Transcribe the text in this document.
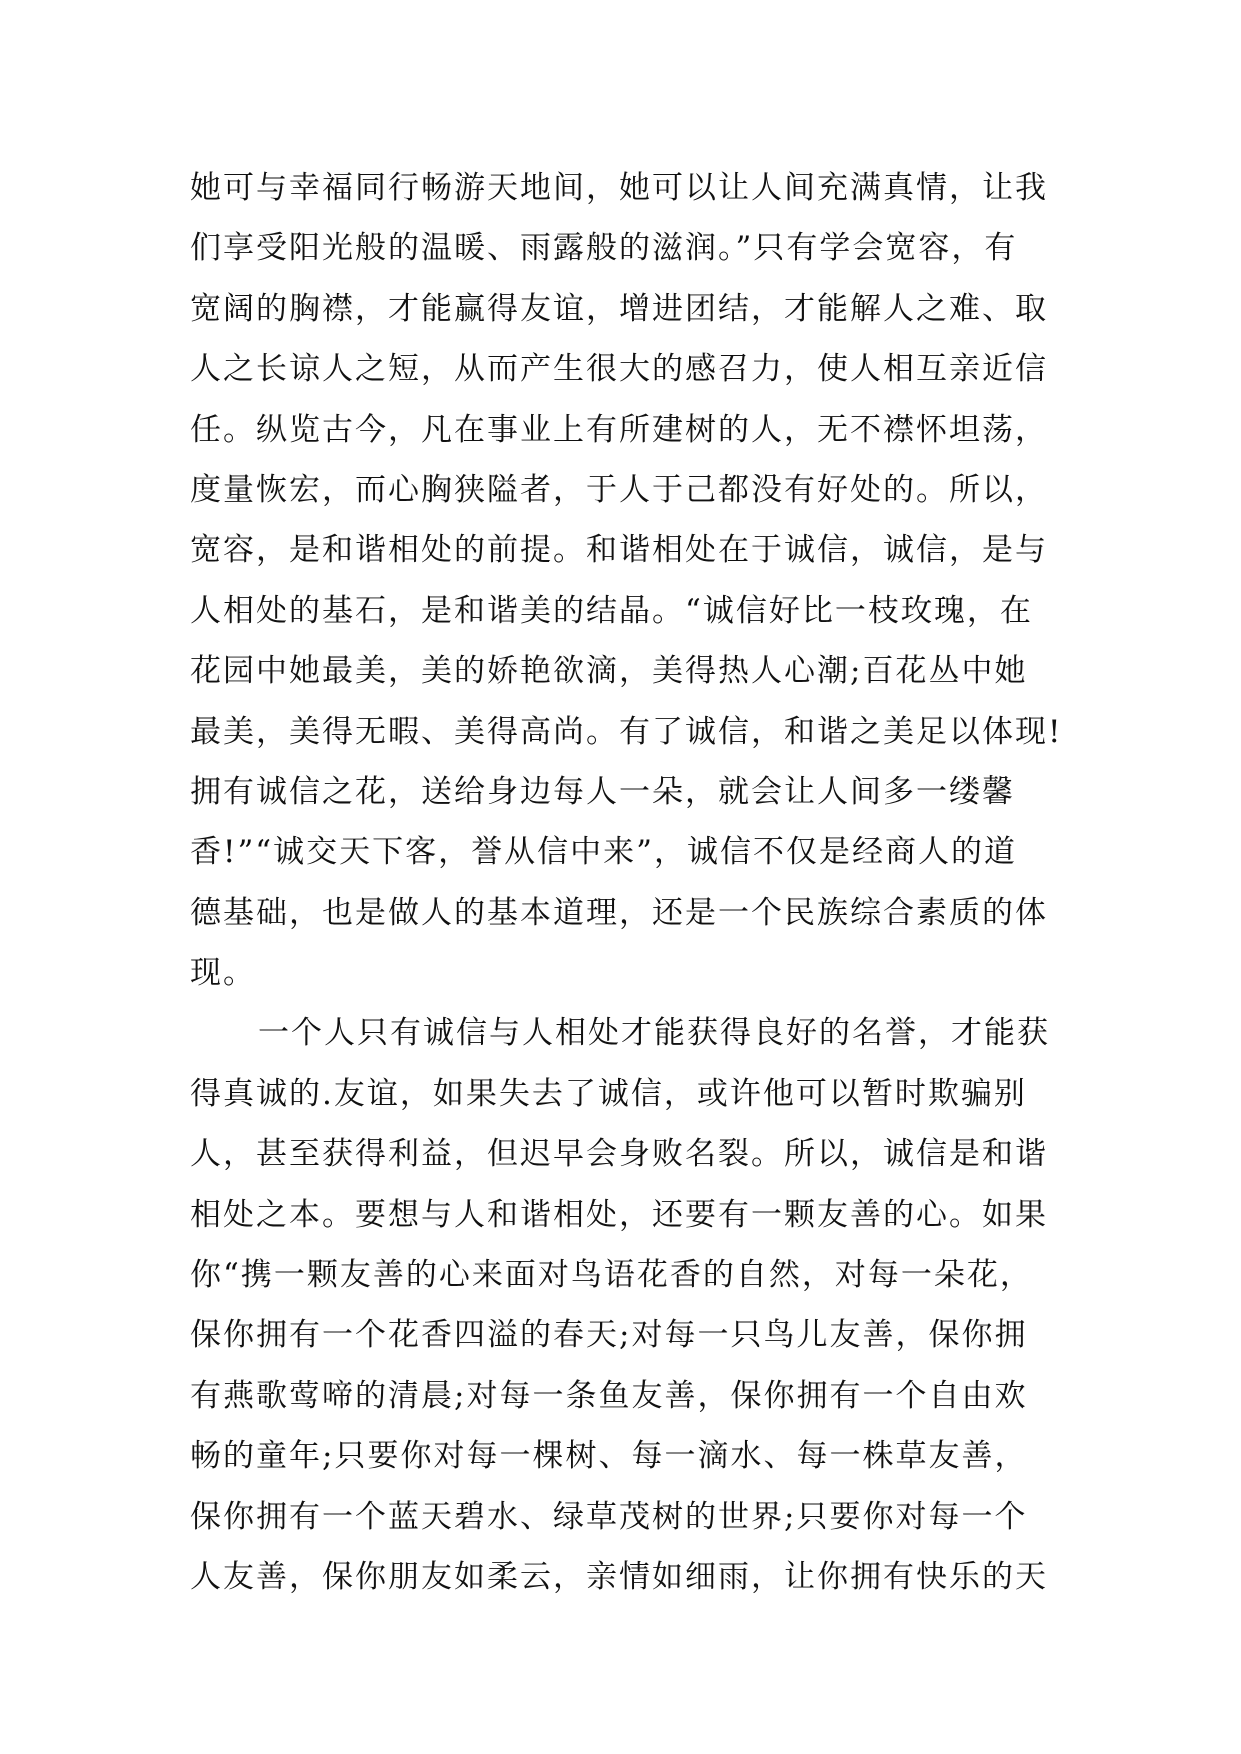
她可与幸福同行畅游天地间，她可以让人间充满真情，让我
们享受阳光般的温暖、雨露般的滋润。”只有学会宽容，有
宽阔的胸襟，才能赢得友谊，增进团结，才能解人之难、取
人之长谅人之短，从而产生很大的感召力，使人相互亲近信
任。纵览古今，凡在事业上有所建树的人，无不襟怀坦荡，
度量恢宏，而心胸狭隘者，于人于己都没有好处的。所以，
宽容，是和谐相处的前提。和谐相处在于诚信，诚信，是与
人相处的基石，是和谐美的结晶。“诚信好比一枝玫瑰，在
花园中她最美，美的娇艳欲滴，美得热人心潮;百花丛中她
最美，美得无暇、美得高尚。有了诚信，和谐之美足以体现!
拥有诚信之花，送给身边每人一朵，就会让人间多一缕馨
香!”“诚交天下客，誉从信中来”，诚信不仅是经商人的道
德基础，也是做人的基本道理，还是一个民族综合素质的体
现。
一个人只有诚信与人相处才能获得良好的名誉，才能获
得真诚的.友谊，如果失去了诚信，或许他可以暂时欺骗别
人，甚至获得利益，但迟早会身败名裂。所以，诚信是和谐
相处之本。要想与人和谐相处，还要有一颗友善的心。如果
你“携一颗友善的心来面对鸟语花香的自然，对每一朵花，
保你拥有一个花香四溢的春天;对每一只鸟儿友善，保你拥
有燕歌莺啼的清晨;对每一条鱼友善，保你拥有一个自由欢
畅的童年;只要你对每一棵树、每一滴水、每一株草友善，
保你拥有一个蓝天碧水、绿草茂树的世界;只要你对每一个
人友善，保你朋友如柔云，亲情如细雨，让你拥有快乐的天
